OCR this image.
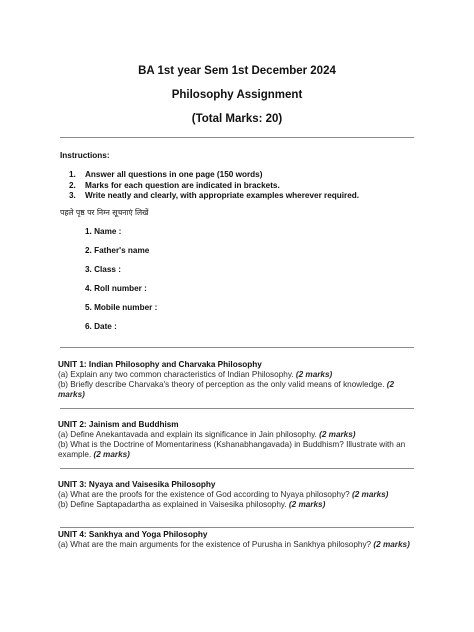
BA 1st year Sem 1st December 2024
Philosophy Assignment
(Total Marks: 20)
Instructions:
1. Answer all questions in one page (150 words)
2. Marks for each question are indicated in brackets.
3. Write neatly and clearly, with appropriate examples wherever required.
पहले पृष्ठ पर निम्न सूचनाएं लिखें
1. Name :
2. Father's name
3. Class :
4. Roll number :
5. Mobile number :
6. Date :
UNIT 1: Indian Philosophy and Charvaka Philosophy
(a) Explain any two common characteristics of Indian Philosophy. (2 marks)
(b) Briefly describe Charvaka's theory of perception as the only valid means of knowledge. (2 marks)
UNIT 2: Jainism and Buddhism
(a) Define Anekantavada and explain its significance in Jain philosophy. (2 marks)
(b) What is the Doctrine of Momentariness (Kshanabhangavada) in Buddhism? Illustrate with an example. (2 marks)
UNIT 3: Nyaya and Vaisesika Philosophy
(a) What are the proofs for the existence of God according to Nyaya philosophy? (2 marks)
(b) Define Saptapadartha as explained in Vaisesika philosophy. (2 marks)
UNIT 4: Sankhya and Yoga Philosophy
(a) What are the main arguments for the existence of Purusha in Sankhya philosophy? (2 marks)
